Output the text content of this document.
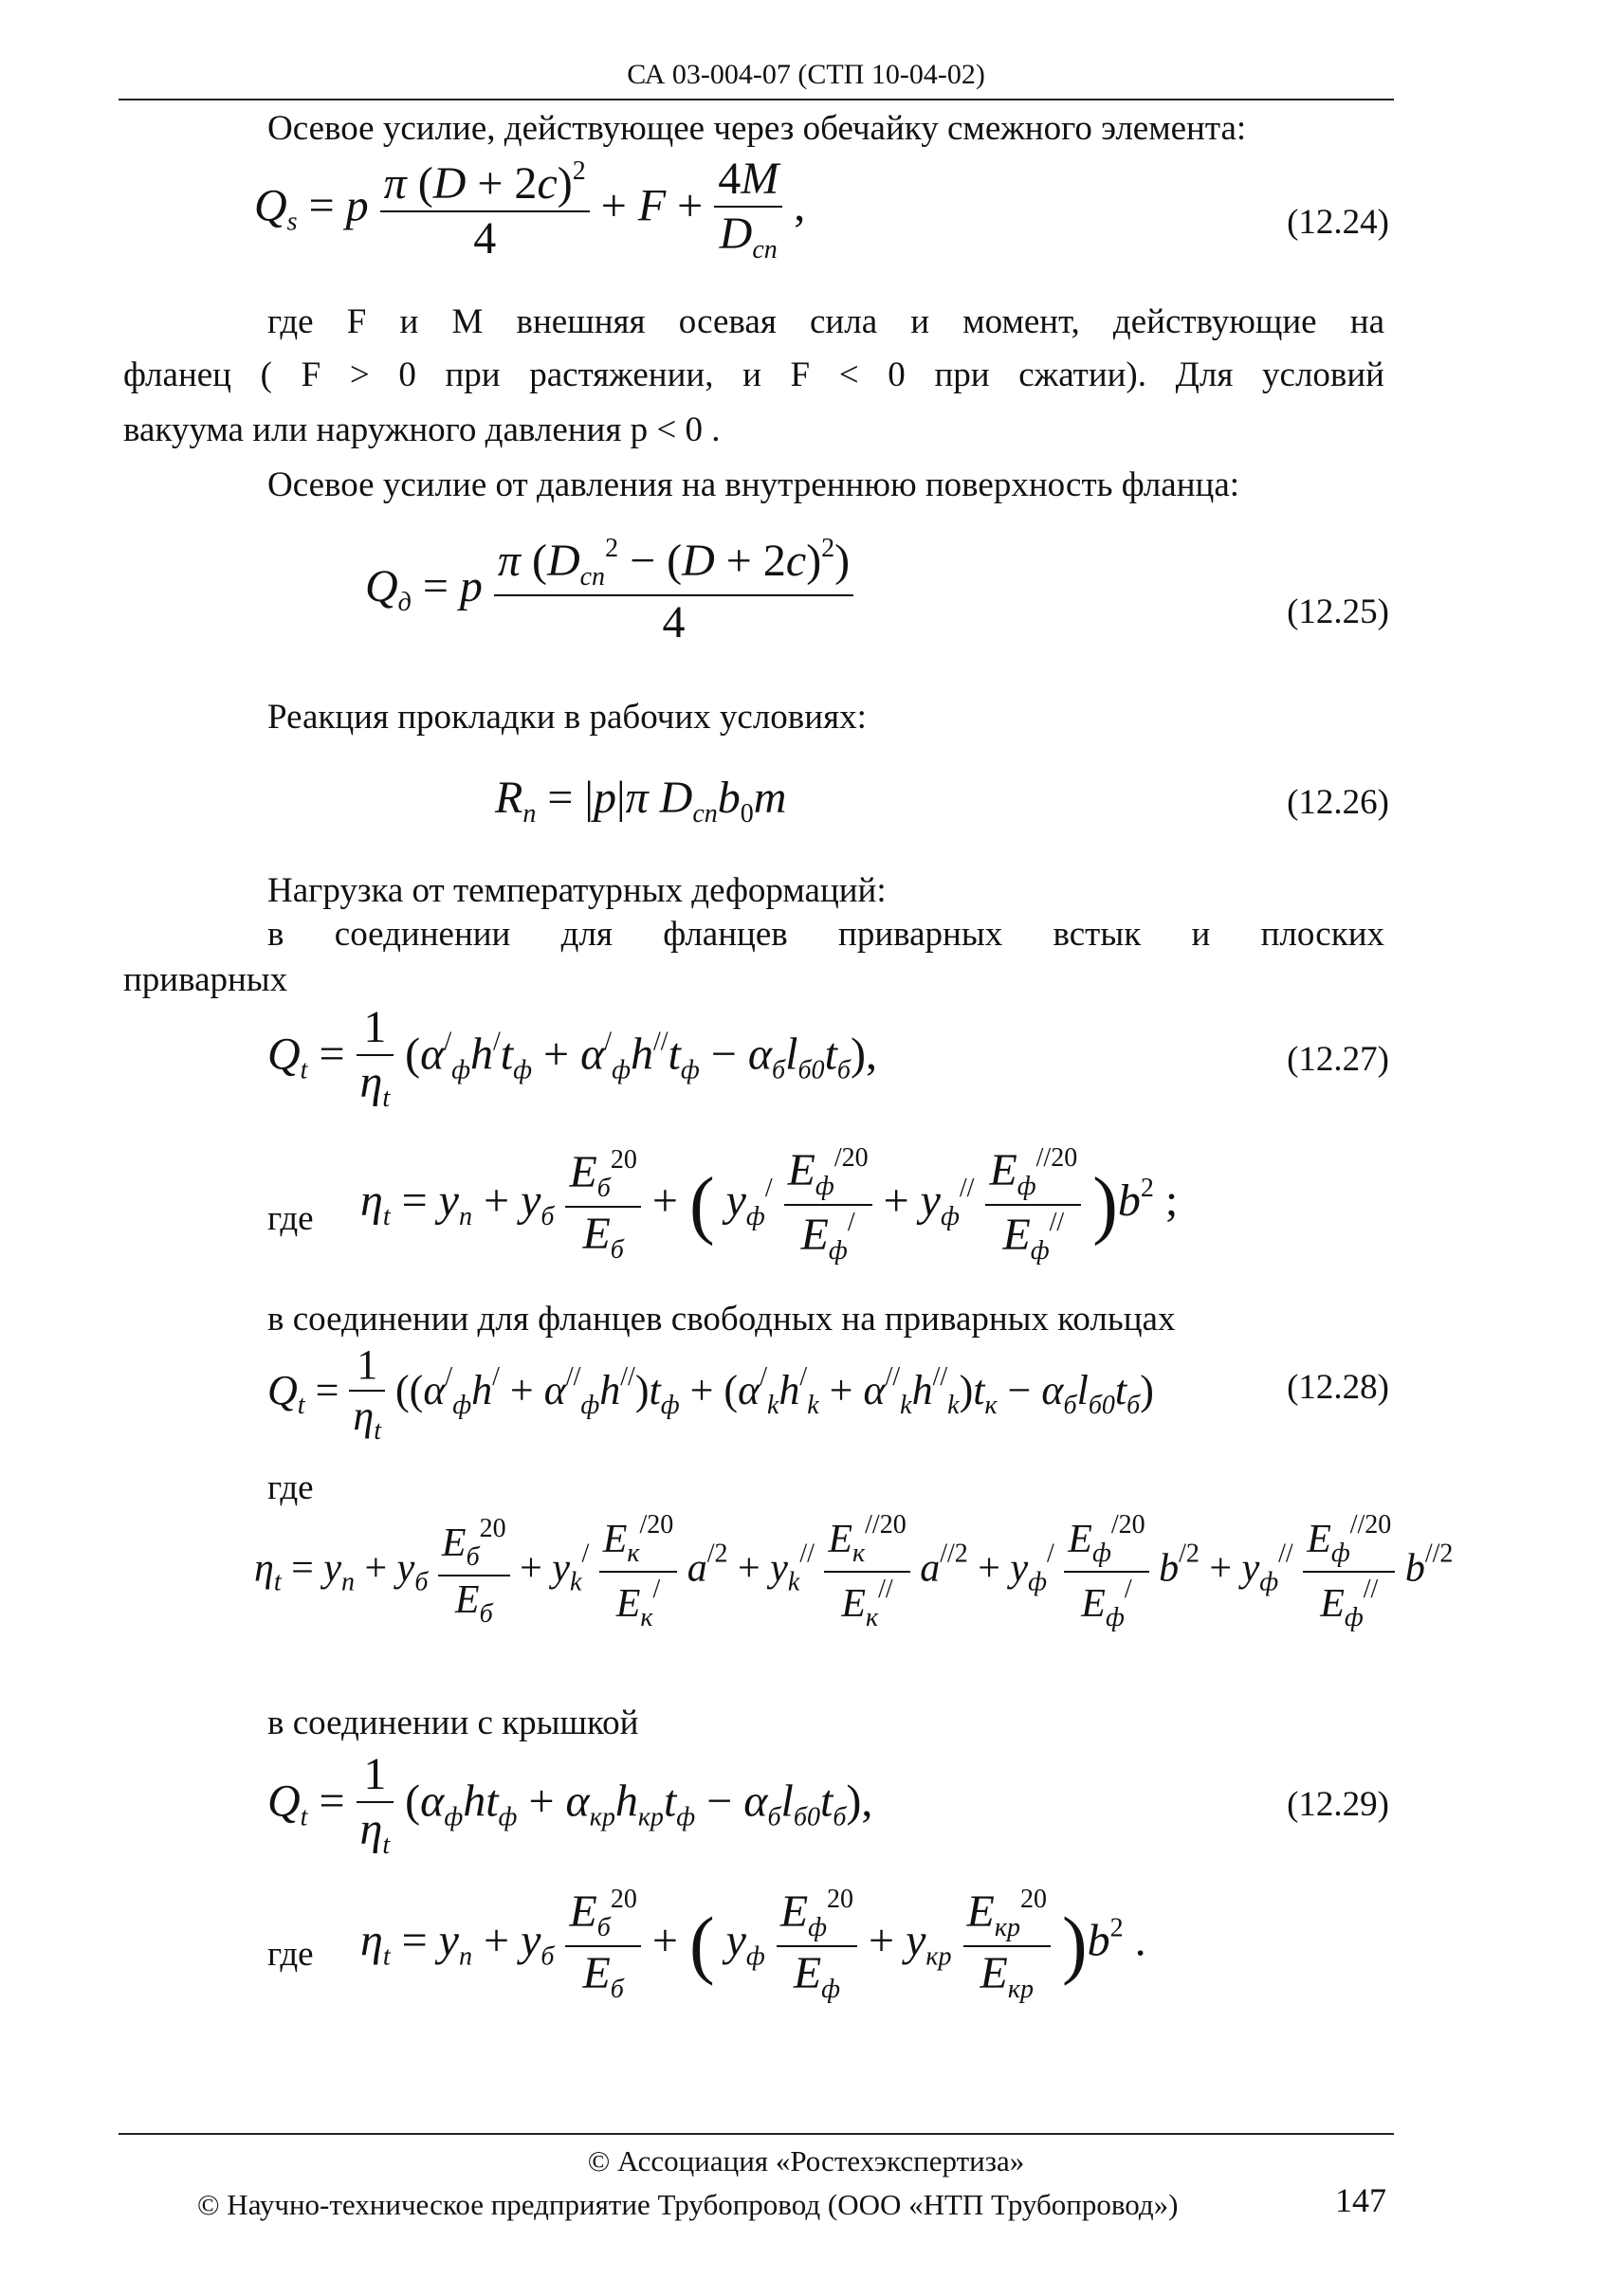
СА 03-004-07 (СТП 10-04-02)
Осевое усилие, действующее через обечайку смежного элемента:
$Q_s = p \frac{\pi (D + 2c)^2}{4} + F + \frac{4M}{D_{сп}}$ ,	(12.24)
где F и M внешняя осевая сила и момент, действующие на
фланец ( F > 0 при растяжении, и F < 0 при сжатии). Для условий
вакуума или наружного давления p < 0 .
Осевое усилие от давления на внутреннюю поверхность фланца:
$Q_д = p \frac{\pi (D_{сп}^2 - (D + 2c)^2)}{4}$	(12.25)
Реакция прокладки в рабочих условиях:
$R_п = |p|\pi$ $D_{сп}b_0m$	(12.26)
Нагрузка от температурных деформаций:
в соединении для фланцев приварных встык и плоских
приварных
$Q_t = \frac{1}{\eta_t} (\alpha^/_фh^/t_ф + \alpha^/_фh^{//}t_ф - \alpha_бl_{б0}t_б)$,	(12.27)
где $\eta_t = y_п + y_б \frac{E_б^{20}}{E_б}$ + ( $y_ф^/ \frac{E_ф^{/20}}{E_ф^/} + y_ф^{//} \frac{E_ф^{//20}}{E_ф^{//}} )b^2$ ;
в соединении для фланцев свободных на приварных кольцах
$Q_t = \frac{1}{\eta_t} ((\alpha^/_фh^/ + \alpha^{//}_фh^{//})t_ф + (\alpha^/_kh^/_k + \alpha^{//}_kh^{//}_k)t_к - \alpha_бl_{б0}t_б)$	(12.28)
где
$\eta_t = y_п + y_б \frac{E_б^{20}}{E_б} + y_k^/ \frac{E_к^{/20}}{E_к^/} a^{/2} + y_k^{//} \frac{E_к^{//20}}{E_к^{//}} a^{//2} + y_ф^/ \frac{E_ф^{/20}}{E_ф^/} b^{/2} + y_ф^{//} \frac{E_ф^{//20}}{E_ф^{//}} b^{//2}$
в соединении с крышкой
$Q_t = \frac{1}{\eta_t} (\alpha_фht_ф + \alpha_{кр}h_{кр}t_ф - \alpha_бl_{б0}t_б)$,	(12.29)
где $\eta_t = y_п + y_б \frac{E_б^{20}}{E_б}$ + ( $y_ф \frac{E_ф^{20}}{E_ф} + y_{кр} \frac{E_{кр}^{20}}{E_{кр}} )b^2$ .
© Ассоциация «Ростехэкспертиза»
© Научно-техническое предприятие Трубопровод (ООО «НТП Трубопровод»)	147
